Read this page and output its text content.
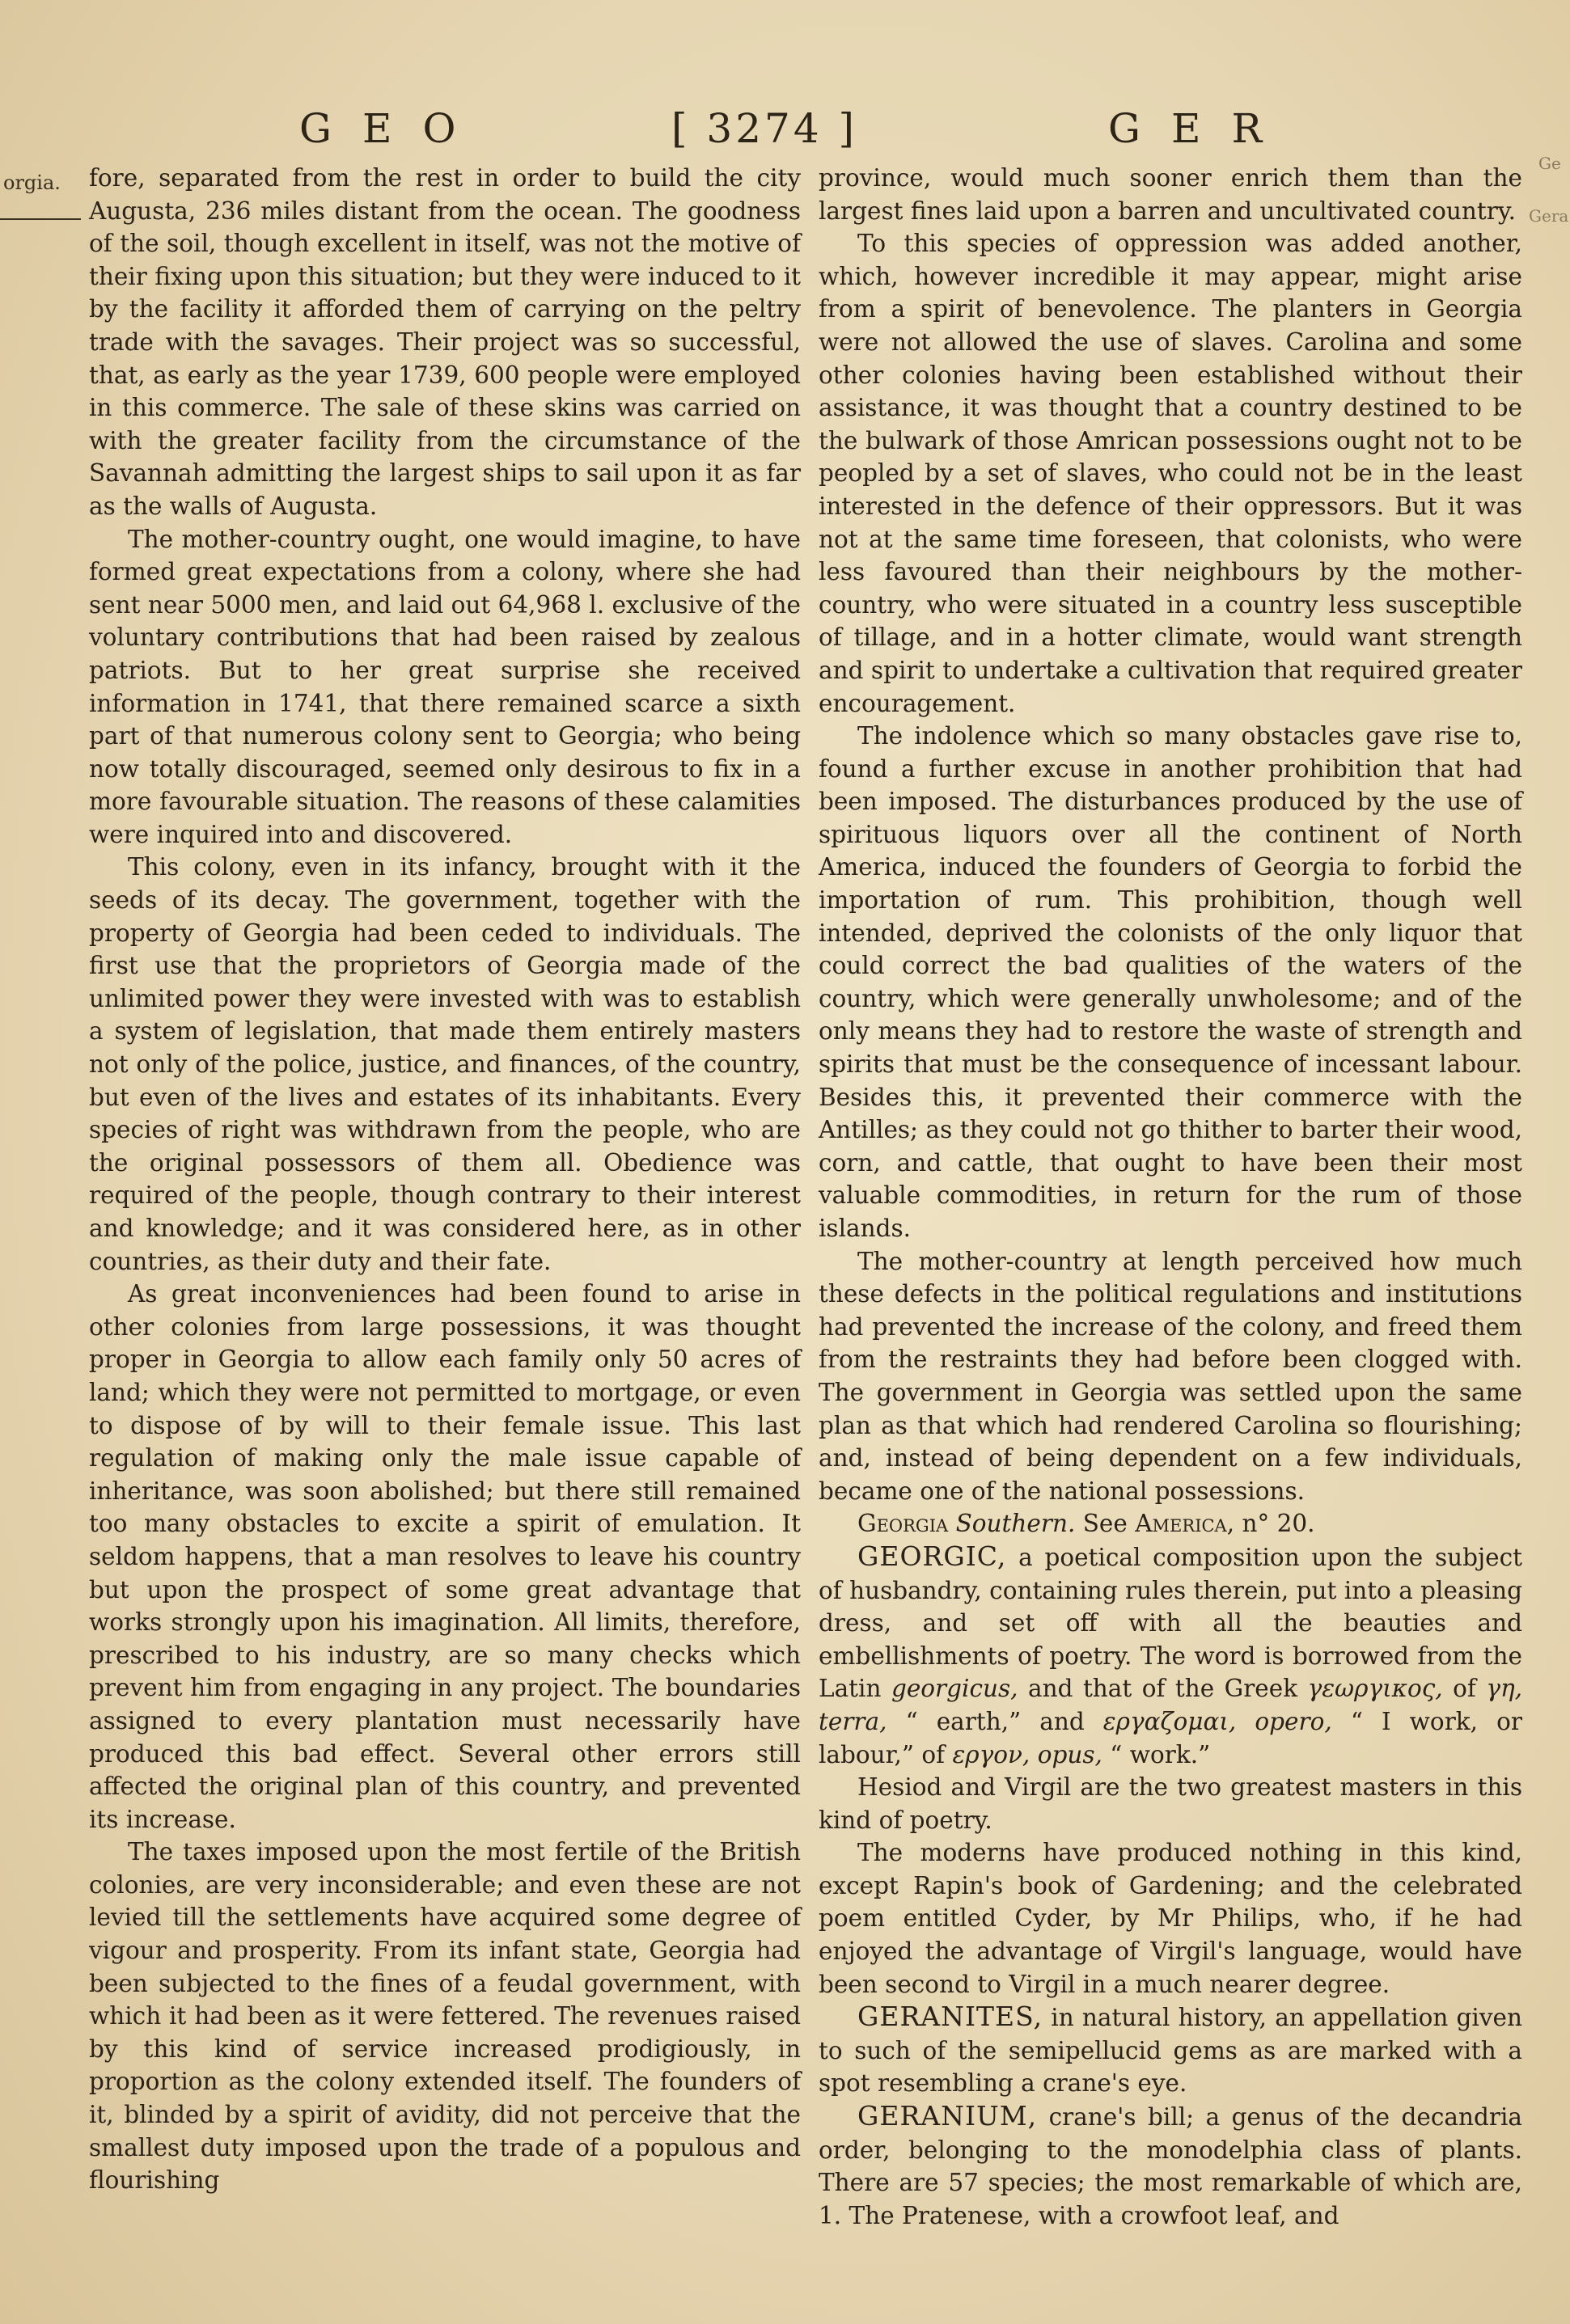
GEO	[ 3274 ]	GER
orgia.
Ge
Gera

fore, separated from the rest in order to build the city Augusta, 236 miles distant from the ocean. The goodness of the soil, though excellent in itself, was not the motive of their fixing upon this situation; but they were induced to it by the facility it afforded them of carrying on the peltry trade with the savages. Their project was so successful, that, as early as the year 1739, 600 people were employed in this commerce. The sale of these skins was carried on with the greater facility from the circumstance of the Savannah admitting the largest ships to sail upon it as far as the walls of Augusta.

The mother-country ought, one would imagine, to have formed great expectations from a colony, where she had sent near 5000 men, and laid out 64,968 l. exclusive of the voluntary contributions that had been raised by zealous patriots. But to her great surprise she received information in 1741, that there remained scarce a sixth part of that numerous colony sent to Georgia; who being now totally discouraged, seemed only desirous to fix in a more favourable situation. The reasons of these calamities were inquired into and discovered.

This colony, even in its infancy, brought with it the seeds of its decay. The government, together with the property of Georgia had been ceded to individuals. The first use that the proprietors of Georgia made of the unlimited power they were invested with was to establish a system of legislation, that made them entirely masters not only of the police, justice, and finances, of the country, but even of the lives and estates of its inhabitants. Every species of right was withdrawn from the people, who are the original possessors of them all. Obedience was required of the people, though contrary to their interest and knowledge; and it was considered here, as in other countries, as their duty and their fate.

As great inconveniences had been found to arise in other colonies from large possessions, it was thought proper in Georgia to allow each family only 50 acres of land; which they were not permitted to mortgage, or even to dispose of by will to their female issue. This last regulation of making only the male issue capable of inheritance, was soon abolished; but there still remained too many obstacles to excite a spirit of emulation. It seldom happens, that a man resolves to leave his country but upon the prospect of some great advantage that works strongly upon his imagination. All limits, therefore, prescribed to his industry, are so many checks which prevent him from engaging in any project. The boundaries assigned to every plantation must necessarily have produced this bad effect. Several other errors still affected the original plan of this country, and prevented its increase.

The taxes imposed upon the most fertile of the British colonies, are very inconsiderable; and even these are not levied till the settlements have acquired some degree of vigour and prosperity. From its infant state, Georgia had been subjected to the fines of a feudal government, with which it had been as it were fettered. The revenues raised by this kind of service increased prodigiously, in proportion as the colony extended itself. The founders of it, blinded by a spirit of avidity, did not perceive that the smallest duty imposed upon the trade of a populous and flourishing

province, would much sooner enrich them than the largest fines laid upon a barren and uncultivated country.

To this species of oppression was added another, which, however incredible it may appear, might arise from a spirit of benevolence. The planters in Georgia were not allowed the use of slaves. Carolina and some other colonies having been established without their assistance, it was thought that a country destined to be the bulwark of those Amrican possessions ought not to be peopled by a set of slaves, who could not be in the least interested in the defence of their oppressors. But it was not at the same time foreseen, that colonists, who were less favoured than their neighbours by the mother-country, who were situated in a country less susceptible of tillage, and in a hotter climate, would want strength and spirit to undertake a cultivation that required greater encouragement.

The indolence which so many obstacles gave rise to, found a further excuse in another prohibition that had been imposed. The disturbances produced by the use of spirituous liquors over all the continent of North America, induced the founders of Georgia to forbid the importation of rum. This prohibition, though well intended, deprived the colonists of the only liquor that could correct the bad qualities of the waters of the country, which were generally unwholesome; and of the only means they had to restore the waste of strength and spirits that must be the consequence of incessant labour. Besides this, it prevented their commerce with the Antilles; as they could not go thither to barter their wood, corn, and cattle, that ought to have been their most valuable commodities, in return for the rum of those islands.

The mother-country at length perceived how much these defects in the political regulations and institutions had prevented the increase of the colony, and freed them from the restraints they had before been clogged with. The government in Georgia was settled upon the same plan as that which had rendered Carolina so flourishing; and, instead of being dependent on a few individuals, became one of the national possessions.

Georgia Southern. See America, n° 20.

GEORGIC, a poetical composition upon the subject of husbandry, containing rules therein, put into a pleasing dress, and set off with all the beauties and embellishments of poetry. The word is borrowed from the Latin georgicus, and that of the Greek γεωργικος, of γη, terra, “ earth,” and εργαζομαι, opero, “ I work, or labour,” of εργον, opus, “ work.”

Hesiod and Virgil are the two greatest masters in this kind of poetry.

The moderns have produced nothing in this kind, except Rapin's book of Gardening; and the celebrated poem entitled Cyder, by Mr Philips, who, if he had enjoyed the advantage of Virgil's language, would have been second to Virgil in a much nearer degree.

GERANITES, in natural history, an appellation given to such of the semipellucid gems as are marked with a spot resembling a crane's eye.

GERANIUM, crane's bill; a genus of the decandria order, belonging to the monodelphia class of plants. There are 57 species; the most remarkable of which are, 1. The Pratenese, with a crowfoot leaf, and
